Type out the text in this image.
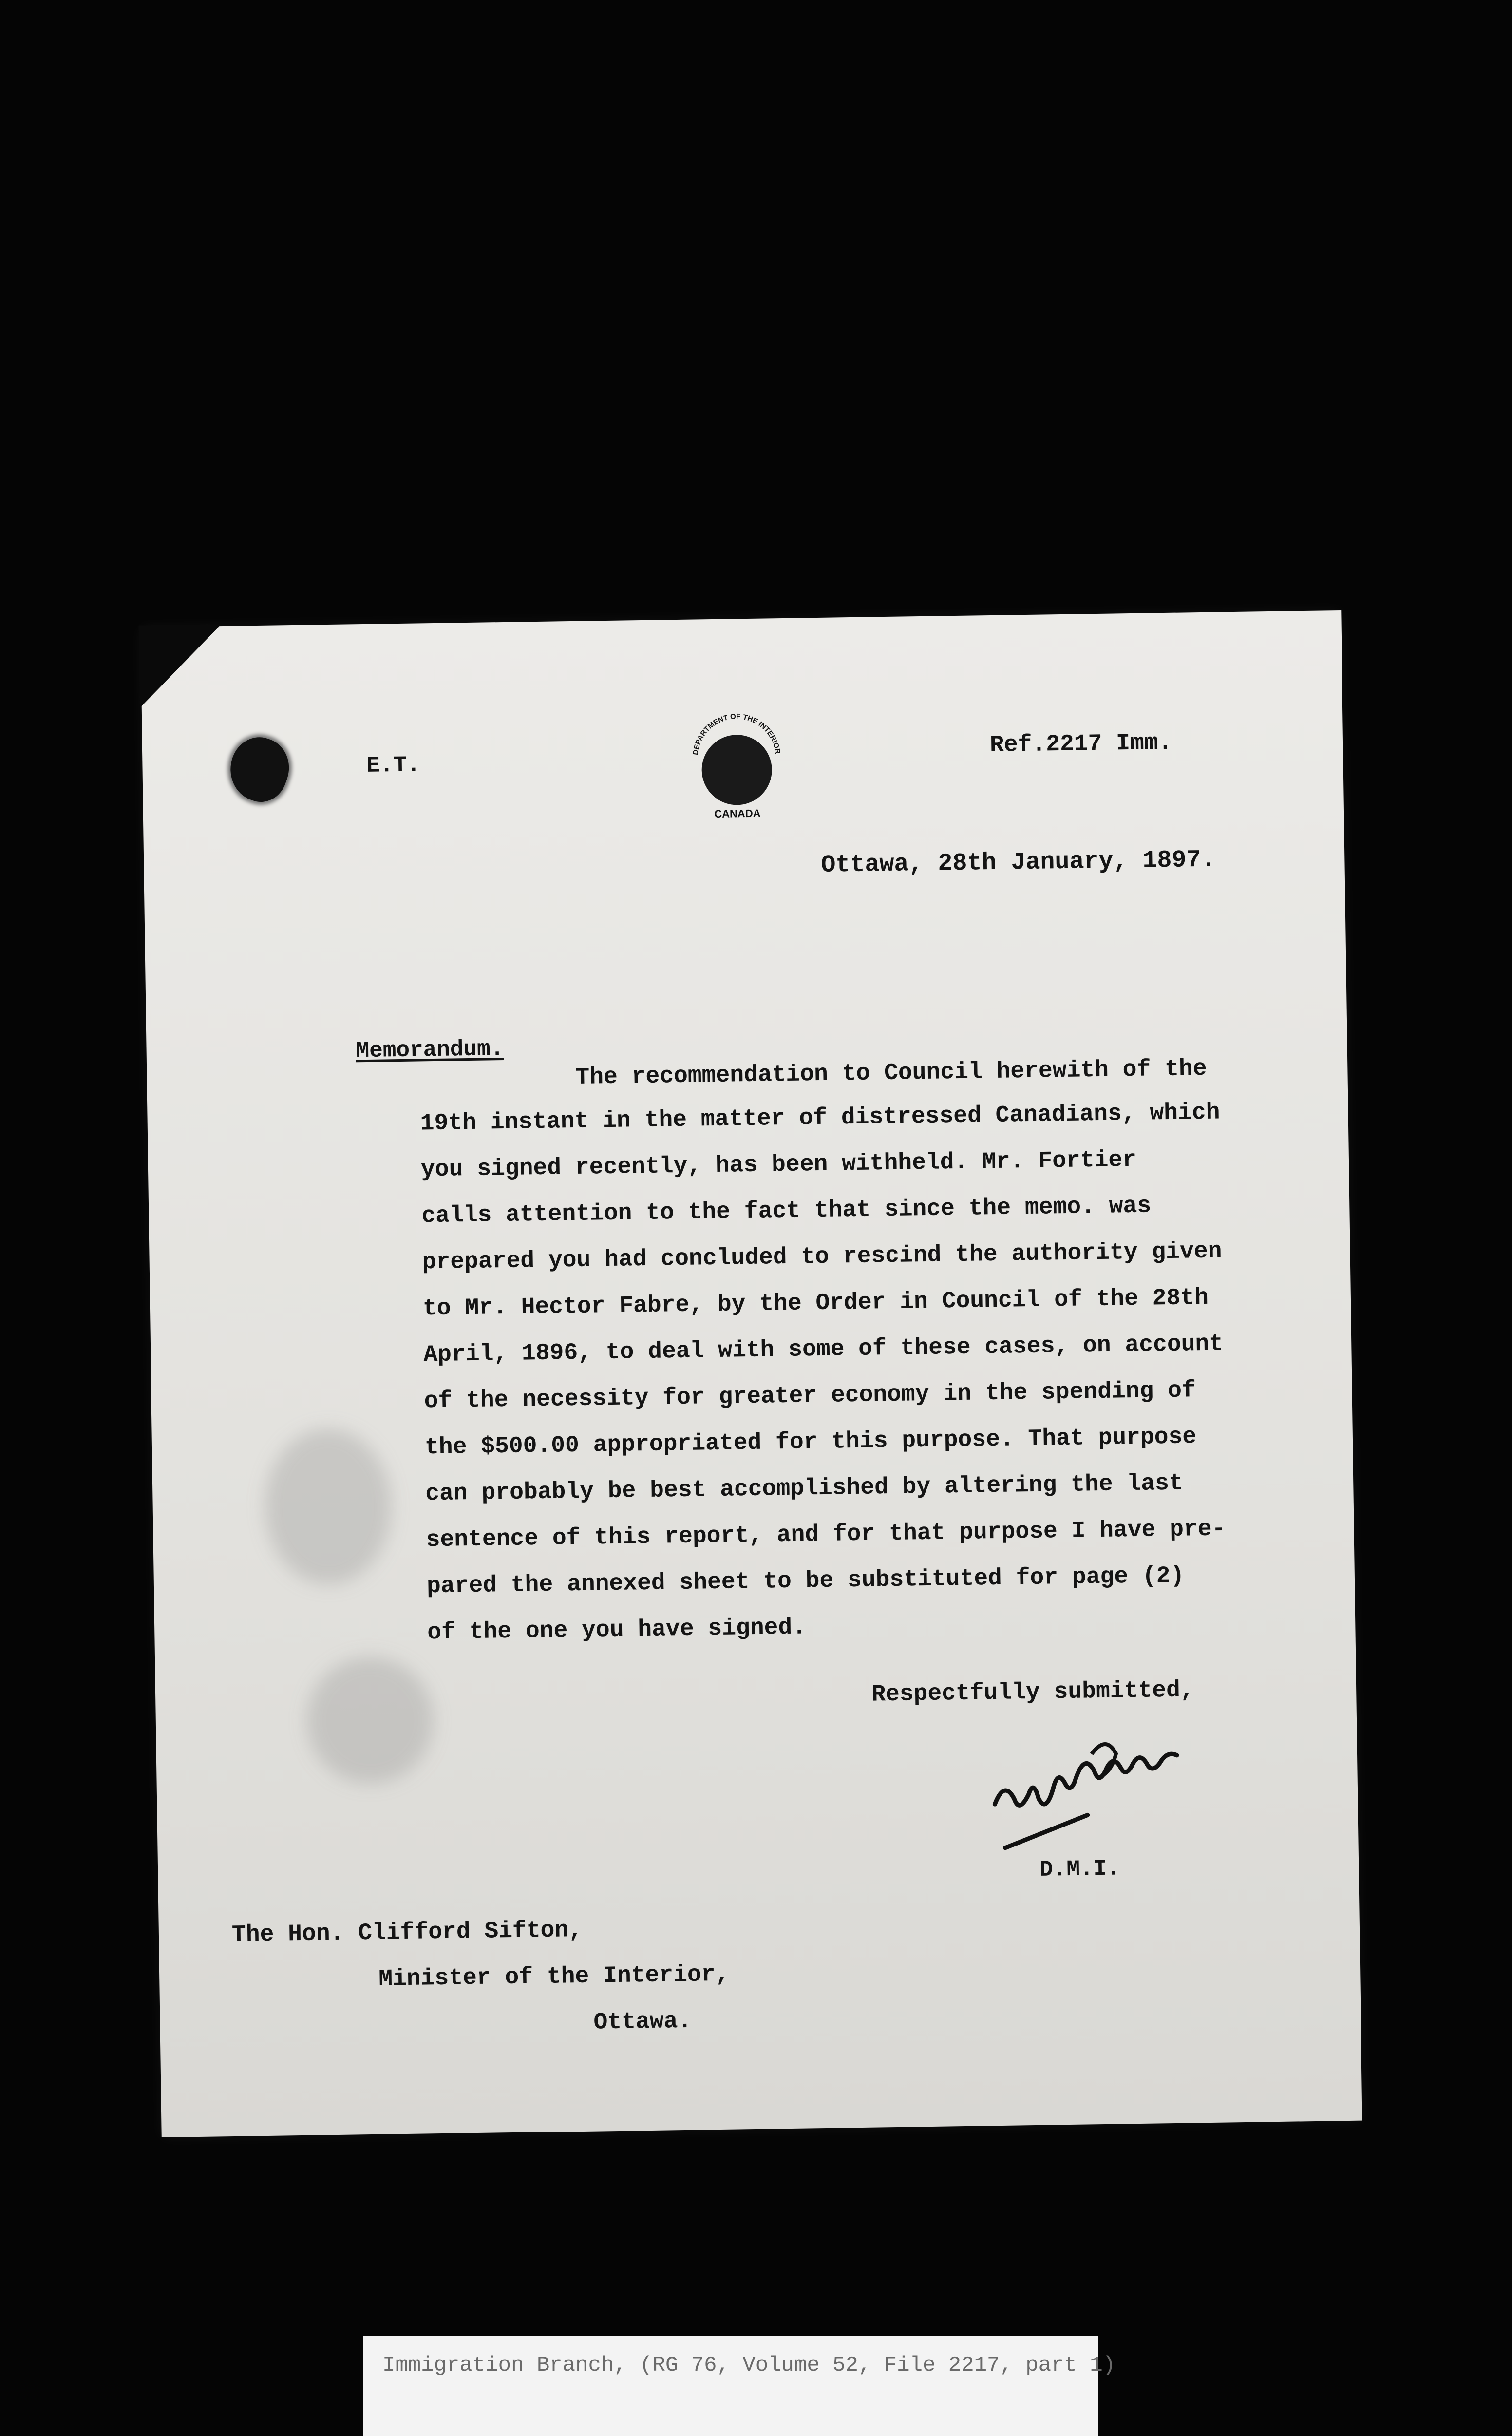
E.T.
DEPARTMENT OF THE INTERIOR
CANADA
Ref.2217 Imm.
Ottawa, 28th January, 1897.
Memorandum.
The recommendation to Council herewith of the
19th instant in the matter of distressed Canadians, which
you signed recently, has been withheld. Mr. Fortier
calls attention to the fact that since the memo. was
prepared you had concluded to rescind the authority given
to Mr. Hector Fabre, by the Order in Council of the 28th
April, 1896, to deal with some of these cases, on account
of the necessity for greater economy in the spending of
the $500.00 appropriated for this purpose. That purpose
can probably be best accomplished by altering the last
sentence of this report, and for that purpose I have pre-
pared the annexed sheet to be substituted for page (2)
of the one you have signed.
Respectfully submitted,
D.M.I.
The Hon. Clifford Sifton,
Minister of the Interior,
Ottawa.
Immigration Branch, (RG 76, Volume 52, File 2217, part 1)
